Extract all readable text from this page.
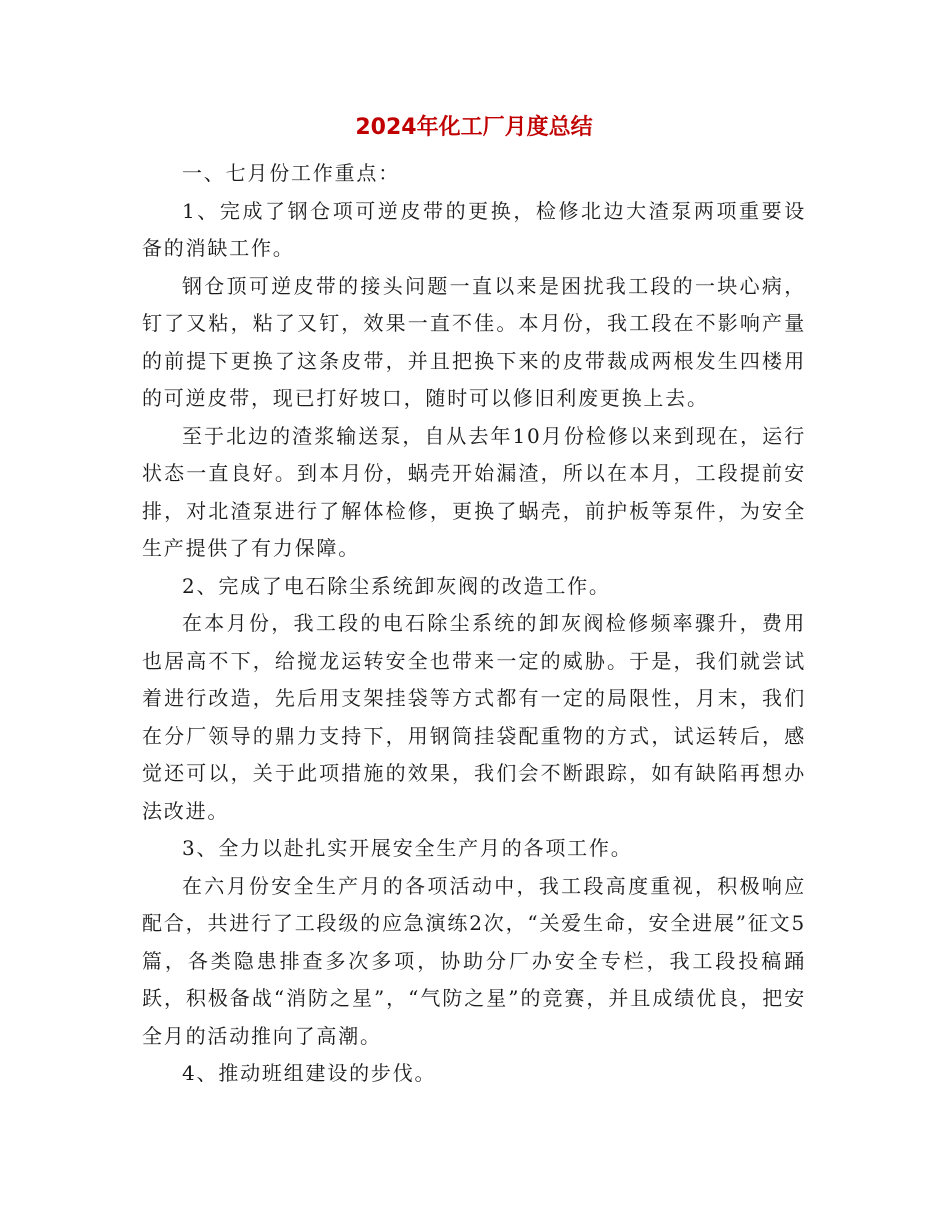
2024年化工厂月度总结

一、七月份工作重点：

1、完成了钢仓项可逆皮带的更换，检修北边大渣泵两项重要设备的消缺工作。

钢仓顶可逆皮带的接头问题一直以来是困扰我工段的一块心病，钉了又粘，粘了又钉，效果一直不佳。本月份，我工段在不影响产量的前提下更换了这条皮带，并且把换下来的皮带裁成两根发生四楼用的可逆皮带，现已打好坡口，随时可以修旧利废更换上去。

至于北边的渣浆输送泵，自从去年10月份检修以来到现在，运行状态一直良好。到本月份，蜗壳开始漏渣，所以在本月，工段提前安排，对北渣泵进行了解体检修，更换了蜗壳，前护板等泵件，为安全生产提供了有力保障。

2、完成了电石除尘系统卸灰阀的改造工作。

在本月份，我工段的电石除尘系统的卸灰阀检修频率骤升，费用也居高不下，给搅龙运转安全也带来一定的威胁。于是，我们就尝试着进行改造，先后用支架挂袋等方式都有一定的局限性，月末，我们在分厂领导的鼎力支持下，用钢筒挂袋配重物的方式，试运转后，感觉还可以，关于此项措施的效果，我们会不断跟踪，如有缺陷再想办法改进。

3、全力以赴扎实开展安全生产月的各项工作。

在六月份安全生产月的各项活动中，我工段高度重视，积极响应配合，共进行了工段级的应急演练2次，“关爱生命，安全进展”征文5篇，各类隐患排查多次多项，协助分厂办安全专栏，我工段投稿踊跃，积极备战“消防之星”，“气防之星”的竞赛，并且成绩优良，把安全月的活动推向了高潮。

4、推动班组建设的步伐。
